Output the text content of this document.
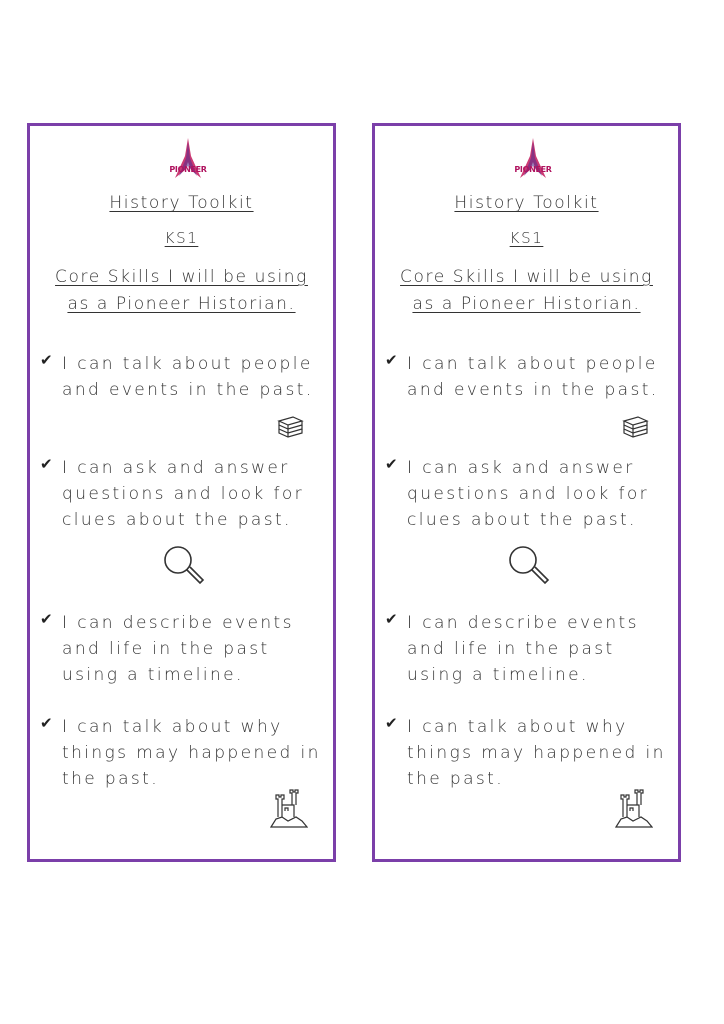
PIONEER
History Toolkit
KS1
Core Skills I will be using as a Pioneer Historian.
✔ I can talk about people and events in the past.
✔ I can ask and answer questions and look for clues about the past.
✔ I can describe events and life in the past using a timeline.
✔ I can talk about why things may happened in the past.
PIONEER
History Toolkit
KS1
Core Skills I will be using as a Pioneer Historian.
✔ I can talk about people and events in the past.
✔ I can ask and answer questions and look for clues about the past.
✔ I can describe events and life in the past using a timeline.
✔ I can talk about why things may happened in the past.
